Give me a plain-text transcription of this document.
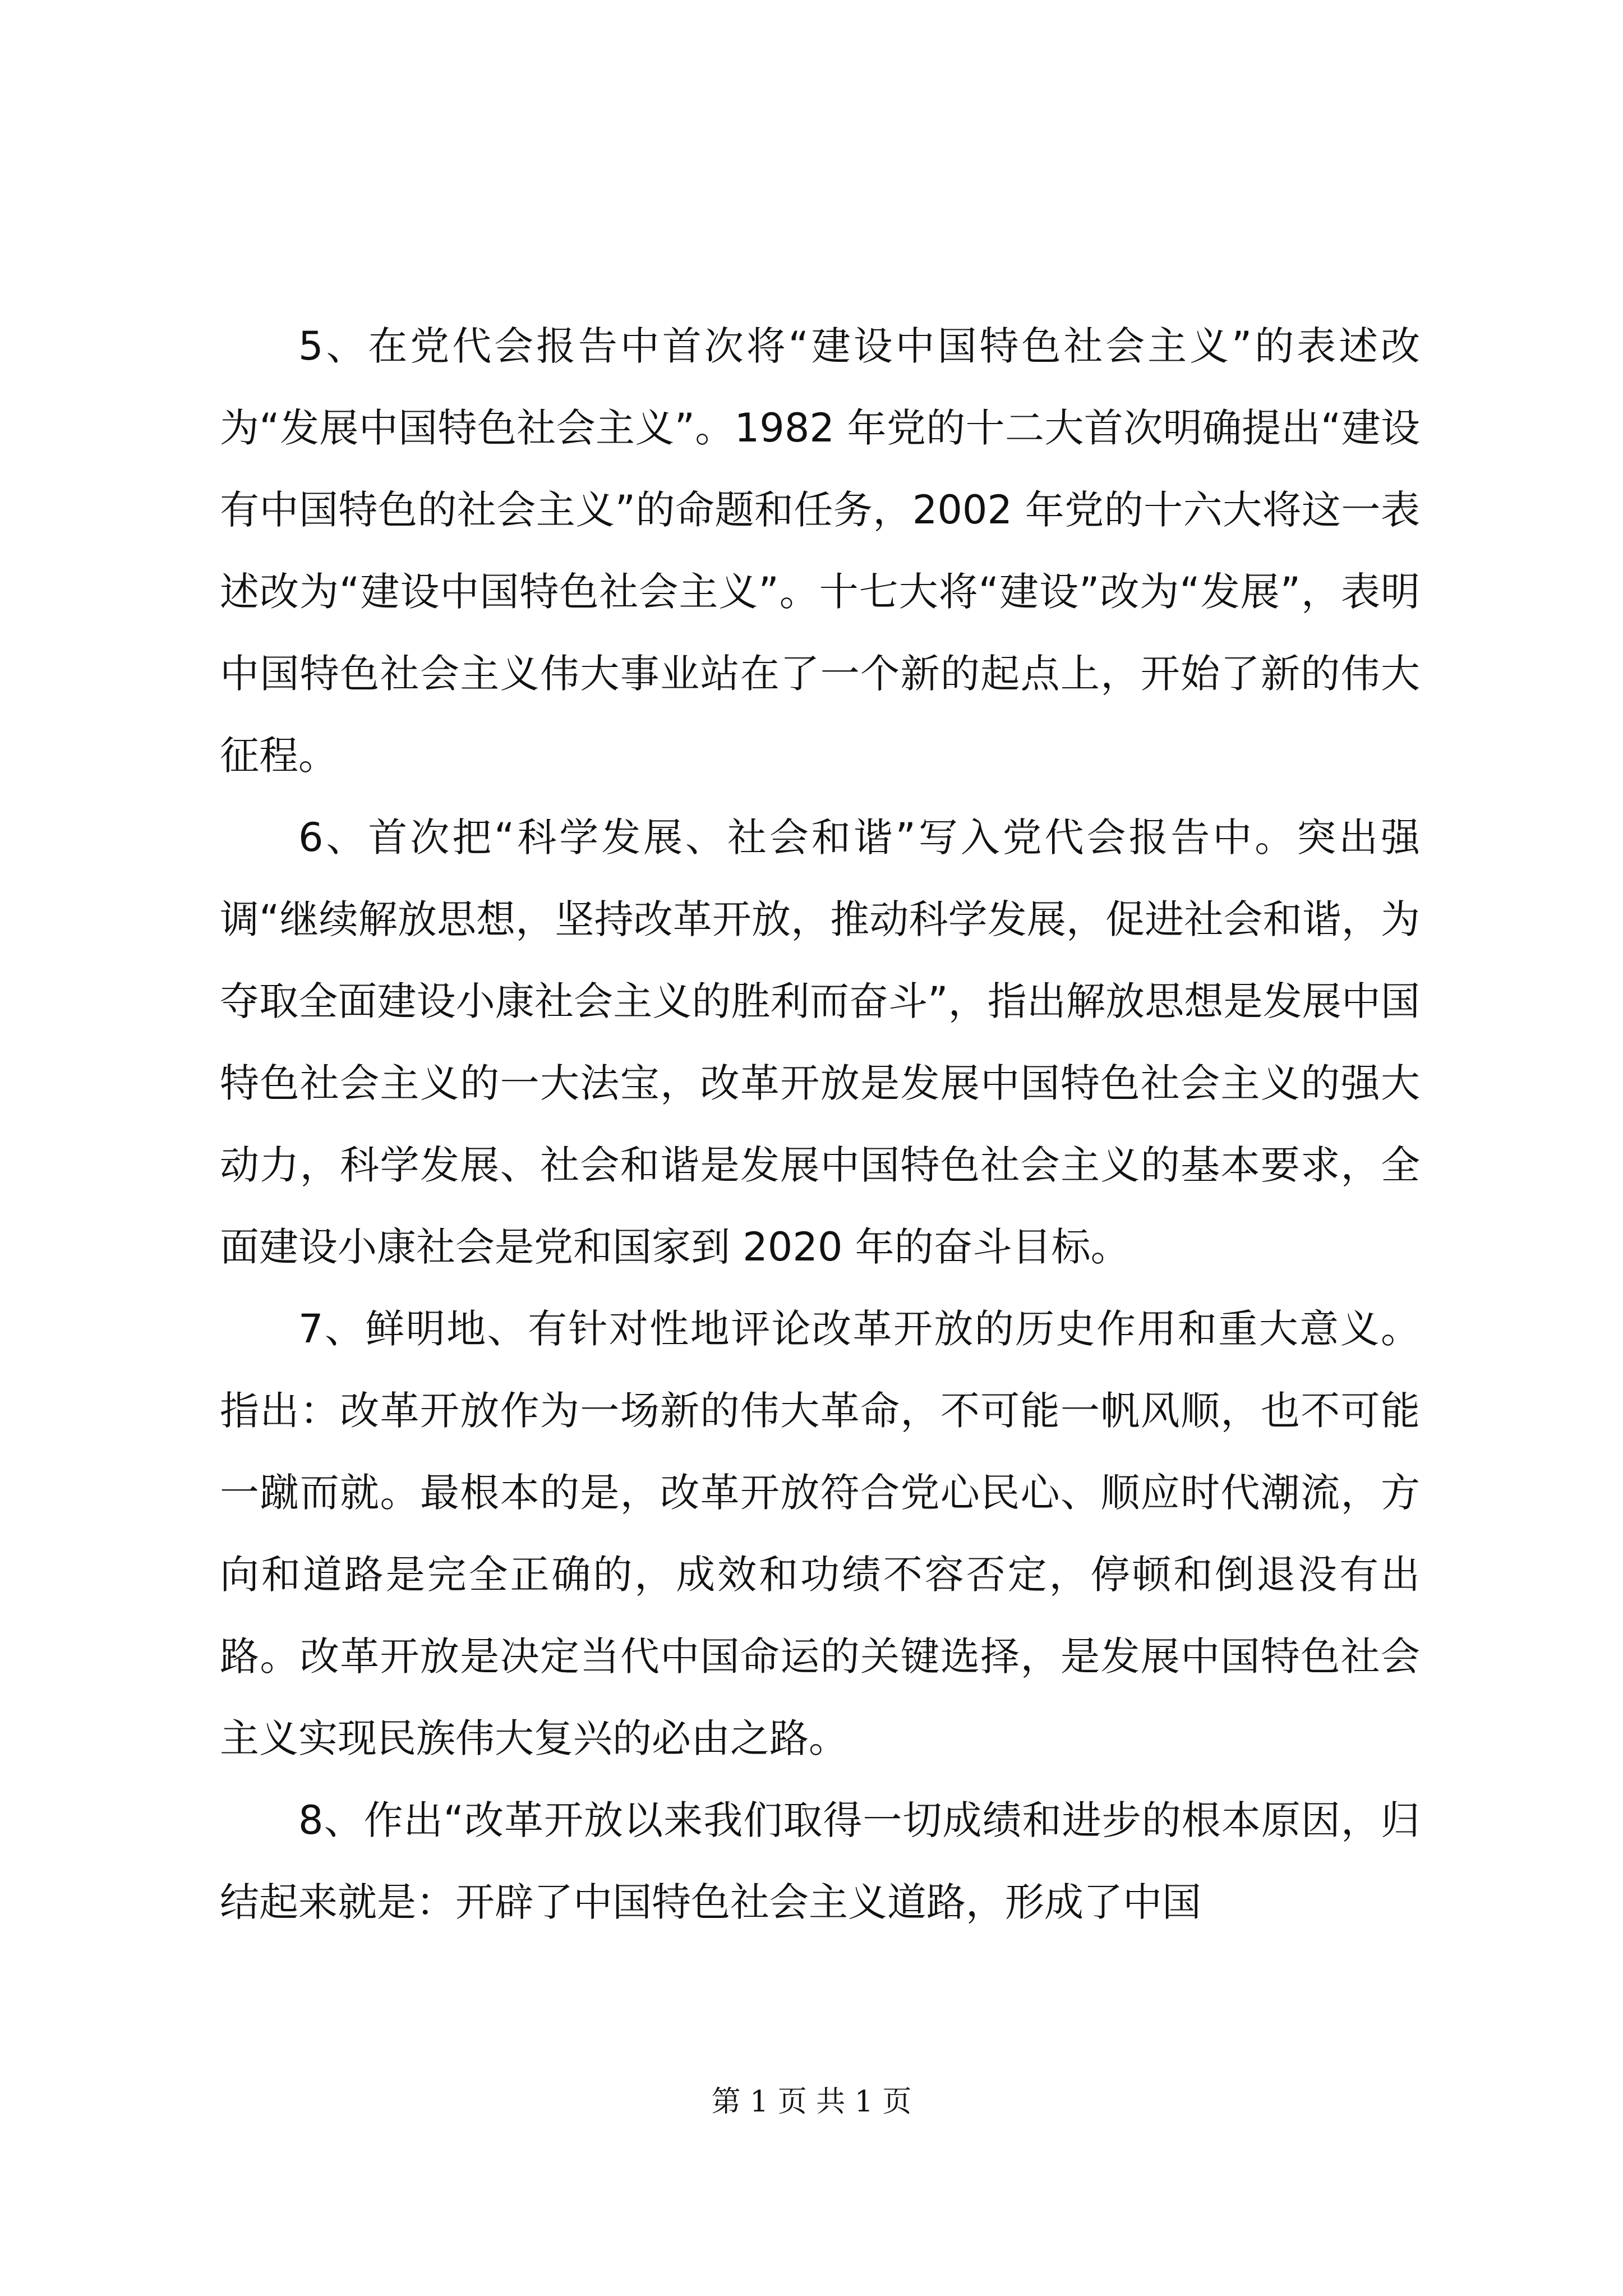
5、在党代会报告中首次将“建设中国特色社会主义”的表述改为“发展中国特色社会主义”。1982 年党的十二大首次明确提出“建设有中国特色的社会主义”的命题和任务，2002 年党的十六大将这一表述改为“建设中国特色社会主义”。十七大将“建设”改为“发展”，表明中国特色社会主义伟大事业站在了一个新的起点上，开始了新的伟大征程。

6、首次把“科学发展、社会和谐”写入党代会报告中。突出强调“继续解放思想，坚持改革开放，推动科学发展，促进社会和谐，为夺取全面建设小康社会主义的胜利而奋斗”，指出解放思想是发展中国特色社会主义的一大法宝，改革开放是发展中国特色社会主义的强大动力，科学发展、社会和谐是发展中国特色社会主义的基本要求，全面建设小康社会是党和国家到 2020 年的奋斗目标。

7、鲜明地、有针对性地评论改革开放的历史作用和重大意义。指出：改革开放作为一场新的伟大革命，不可能一帆风顺，也不可能一蹴而就。最根本的是，改革开放符合党心民心、顺应时代潮流，方向和道路是完全正确的，成效和功绩不容否定，停顿和倒退没有出路。改革开放是决定当代中国命运的关键选择，是发展中国特色社会主义实现民族伟大复兴的必由之路。

8、作出“改革开放以来我们取得一切成绩和进步的根本原因，归结起来就是：开辟了中国特色社会主义道路，形成了中国

第 1 页 共 1 页
